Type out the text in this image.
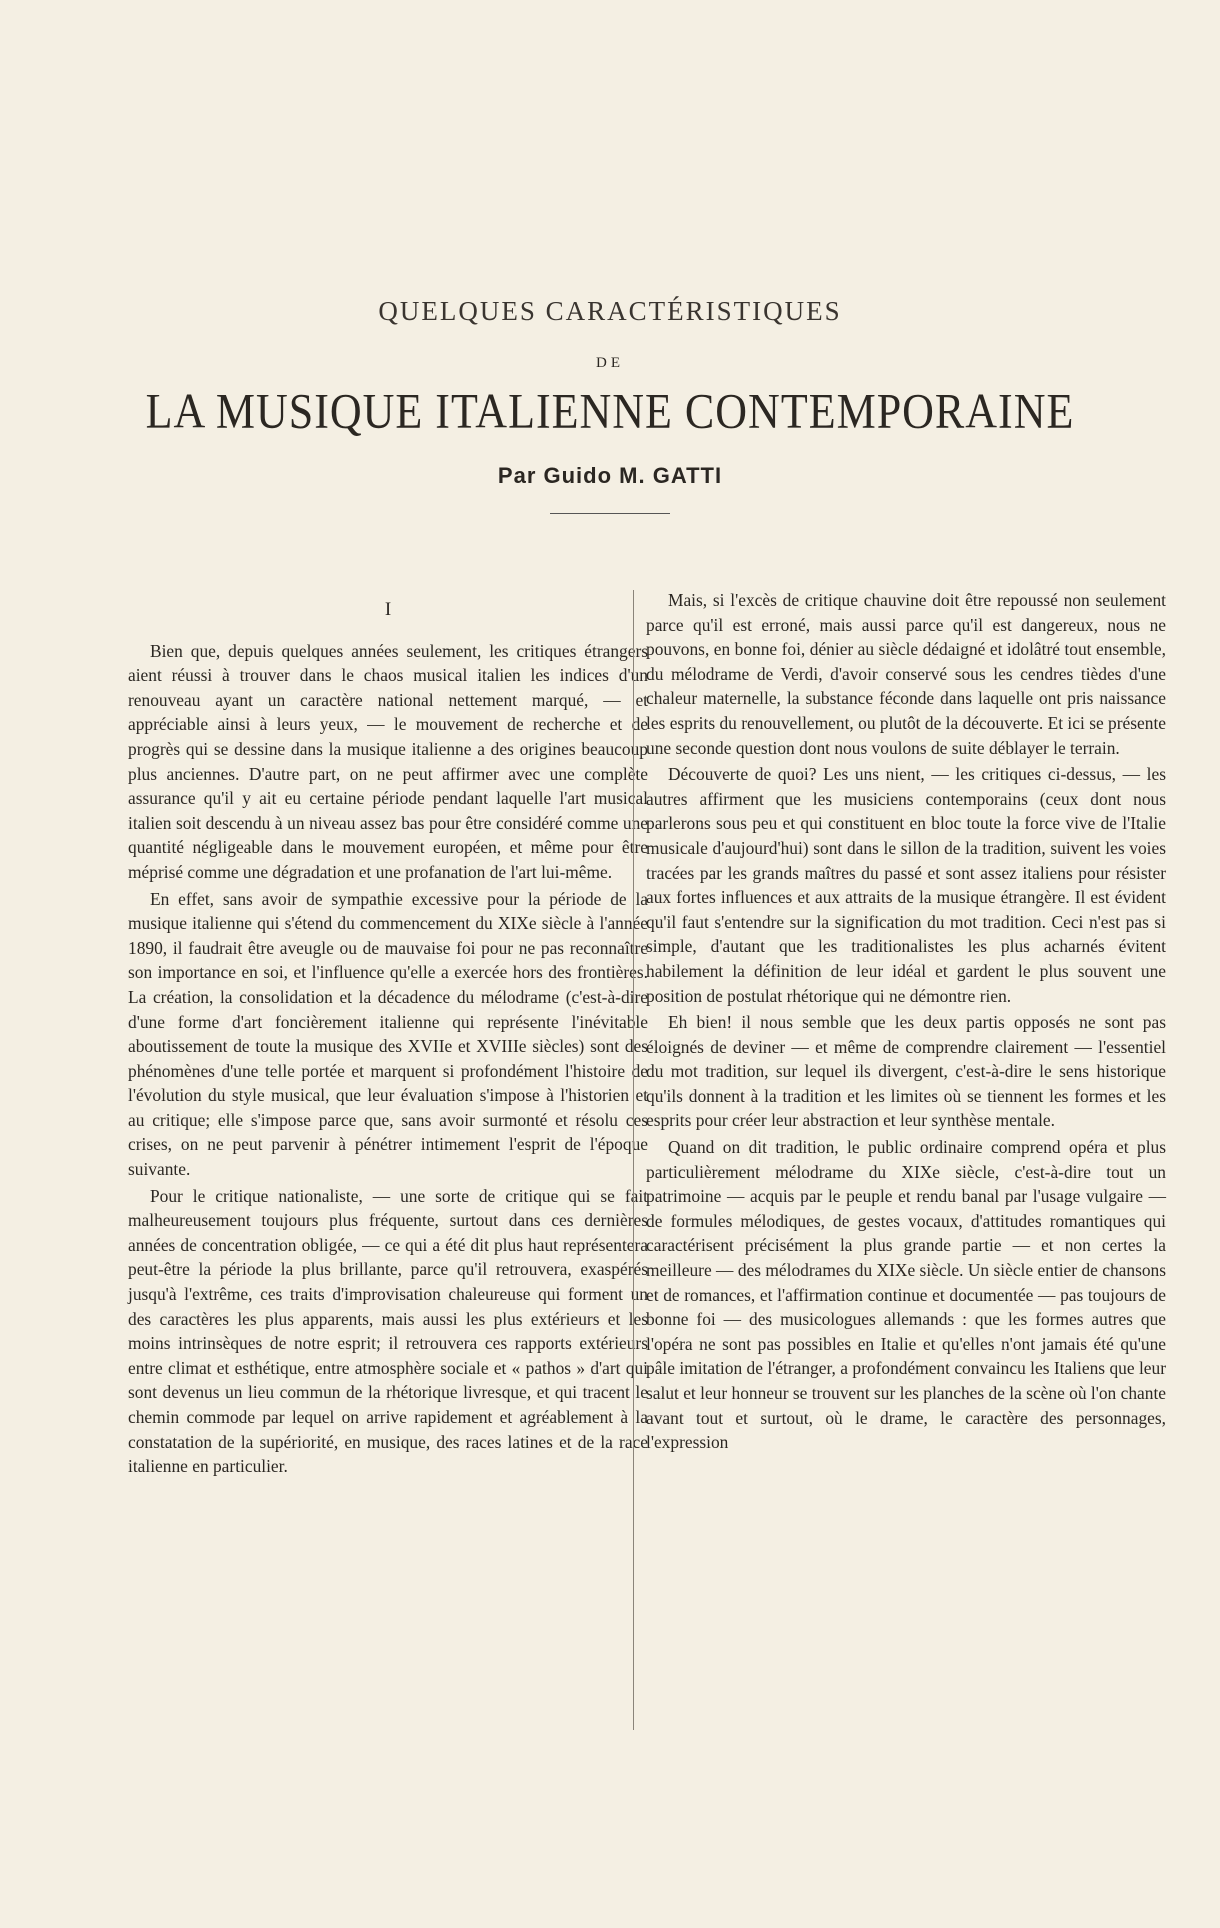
QUELQUES CARACTÉRISTIQUES
DE
LA MUSIQUE ITALIENNE CONTEMPORAINE
Par Guido M. GATTI
I

Bien que, depuis quelques années seulement, les critiques étrangers aient réussi à trouver dans le chaos musical italien les indices d'un renouveau ayant un caractère national nettement marqué, — et appréciable ainsi à leurs yeux, — le mouvement de recherche et de progrès qui se dessine dans la musique italienne a des origines beaucoup plus anciennes. D'autre part, on ne peut affirmer avec une complète assurance qu'il y ait eu certaine période pendant laquelle l'art musical italien soit descendu à un niveau assez bas pour être considéré comme une quantité négligeable dans le mouvement européen, et même pour être méprisé comme une dégradation et une profanation de l'art lui-même.

En effet, sans avoir de sympathie excessive pour la période de la musique italienne qui s'étend du commencement du XIXe siècle à l'année 1890, il faudrait être aveugle ou de mauvaise foi pour ne pas reconnaître son importance en soi, et l'influence qu'elle a exercée hors des frontières. La création, la consolidation et la décadence du mélodrame (c'est-à-dire d'une forme d'art foncièrement italienne qui représente l'inévitable aboutissement de toute la musique des XVIIe et XVIIIe siècles) sont des phénomènes d'une telle portée et marquent si profondément l'histoire de l'évolution du style musical, que leur évaluation s'impose à l'historien et au critique; elle s'impose parce que, sans avoir surmonté et résolu ces crises, on ne peut parvenir à pénétrer intimement l'esprit de l'époque suivante.

Pour le critique nationaliste, — une sorte de critique qui se fait malheureusement toujours plus fréquente, surtout dans ces dernières années de concentration obligée, — ce qui a été dit plus haut représentera peut-être la période la plus brillante, parce qu'il retrouvera, exaspérés jusqu'à l'extrême, ces traits d'improvisation chaleureuse qui forment un des caractères les plus apparents, mais aussi les plus extérieurs et les moins intrinsèques de notre esprit; il retrouvera ces rapports extérieurs entre climat et esthétique, entre atmosphère sociale et « pathos » d'art qui sont devenus un lieu commun de la rhétorique livresque, et qui tracent le chemin commode par lequel on arrive rapidement et agréablement à la constatation de la supériorité, en musique, des races latines et de la race italienne en particulier.

Mais, si l'excès de critique chauvine doit être repoussé non seulement parce qu'il est erroné, mais aussi parce qu'il est dangereux, nous ne pouvons, en bonne foi, dénier au siècle dédaigné et idolâtré tout ensemble, du mélodrame de Verdi, d'avoir conservé sous les cendres tièdes d'une chaleur maternelle, la substance féconde dans laquelle ont pris naissance les esprits du renouvellement, ou plutôt de la découverte. Et ici se présente une seconde question dont nous voulons de suite déblayer le terrain.

Découverte de quoi? Les uns nient, — les critiques ci-dessus, — les autres affirment que les musiciens contemporains (ceux dont nous parlerons sous peu et qui constituent en bloc toute la force vive de l'Italie musicale d'aujourd'hui) sont dans le sillon de la tradition, suivent les voies tracées par les grands maîtres du passé et sont assez italiens pour résister aux fortes influences et aux attraits de la musique étrangère. Il est évident qu'il faut s'entendre sur la signification du mot tradition. Ceci n'est pas si simple, d'autant que les traditionalistes les plus acharnés évitent habilement la définition de leur idéal et gardent le plus souvent une position de postulat rhétorique qui ne démontre rien.

Eh bien! il nous semble que les deux partis opposés ne sont pas éloignés de deviner — et même de comprendre clairement — l'essentiel du mot tradition, sur lequel ils divergent, c'est-à-dire le sens historique qu'ils donnent à la tradition et les limites où se tiennent les formes et les esprits pour créer leur abstraction et leur synthèse mentale.

Quand on dit tradition, le public ordinaire comprend opéra et plus particulièrement mélodrame du XIXe siècle, c'est-à-dire tout un patrimoine — acquis par le peuple et rendu banal par l'usage vulgaire — de formules mélodiques, de gestes vocaux, d'attitudes romantiques qui caractérisent précisément la plus grande partie — et non certes la meilleure — des mélodrames du XIXe siècle. Un siècle entier de chansons et de romances, et l'affirmation continue et documentée — pas toujours de bonne foi — des musicologues allemands : que les formes autres que l'opéra ne sont pas possibles en Italie et qu'elles n'ont jamais été qu'une pâle imitation de l'étranger, a profondément convaincu les Italiens que leur salut et leur honneur se trouvent sur les planches de la scène où l'on chante avant tout et surtout, où le drame, le caractère des personnages, l'expression
